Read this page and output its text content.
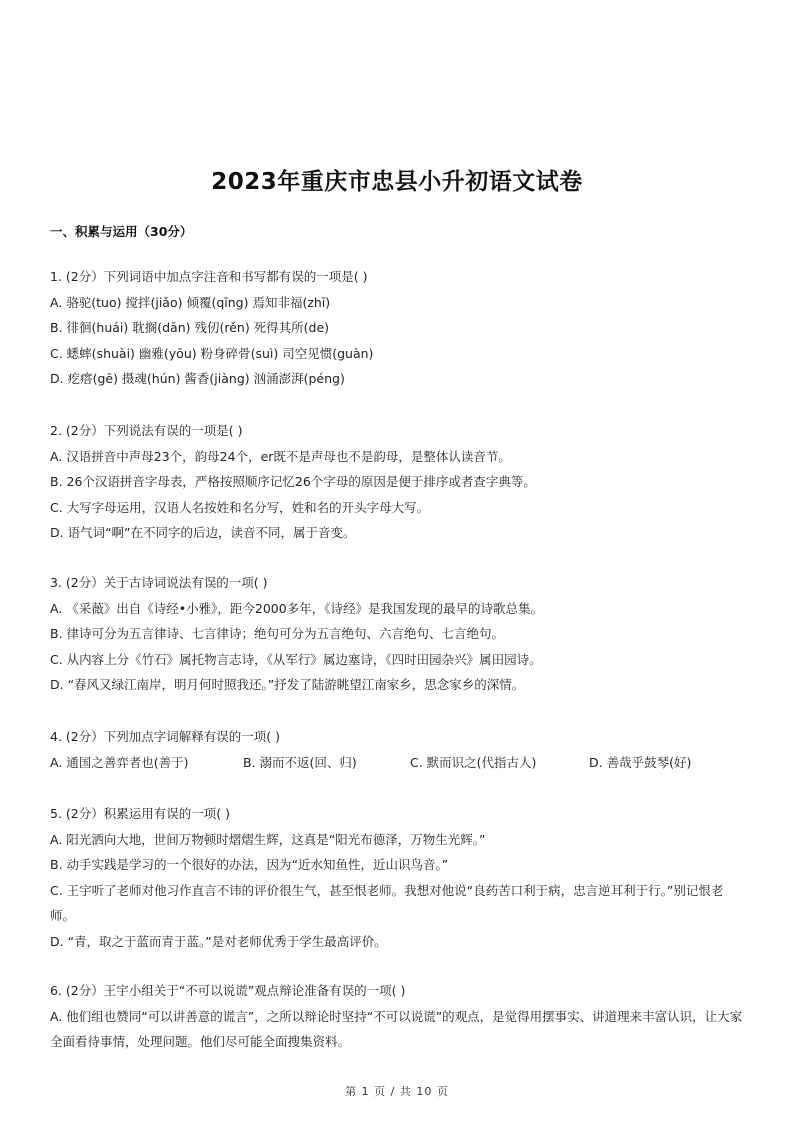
2023年重庆市忠县小升初语文试卷
一、积累与运用（30分）
1. (2分）下列词语中加点字注音和书写都有误的一项是( )
A. 骆驼(tuo) 搅拌(jiǎo) 倾覆(qīng) 焉知非福(zhī)
B. 徘徊(huái) 耽搁(dān) 残仞(rěn) 死得其所(de)
C. 蟋蟀(shuài) 幽雅(yōu) 粉身碎骨(suì) 司空见惯(guàn)
D. 疙瘩(gē) 摄魂(hún) 酱香(jiàng) 汹涌澎湃(péng)
2. (2分）下列说法有误的一项是( )
A. 汉语拼音中声母23个，韵母24个，er既不是声母也不是韵母，是整体认读音节。
B. 26个汉语拼音字母表，严格按照顺序记忆26个字母的原因是便于排序或者查字典等。
C. 大写字母运用，汉语人名按姓和名分写，姓和名的开头字母大写。
D. 语气词“啊”在不同字的后边，读音不同，属于音变。
3. (2分）关于古诗词说法有误的一项( )
A. 《采薇》出自《诗经•小雅》，距今2000多年，《诗经》是我国发现的最早的诗歌总集。
B. 律诗可分为五言律诗、七言律诗；绝句可分为五言绝句、六言绝句、七言绝句。
C. 从内容上分《竹石》属托物言志诗，《从军行》属边塞诗，《四时田园杂兴》属田园诗。
D. “春风又绿江南岸，明月何时照我还。”抒发了陆游眺望江南家乡，思念家乡的深情。
4. (2分）下列加点字词解释有误的一项( )
A. 通国之善弈者也(善于)	B. 溺而不返(回、归)	C. 默而识之(代指古人)	D. 善哉乎鼓琴(好)
5. (2分）积累运用有误的一项( )
A. 阳光洒向大地，世间万物顿时熠熠生辉，这真是“阳光布德泽，万物生光辉。”
B. 动手实践是学习的一个很好的办法，因为“近水知鱼性，近山识鸟音。”
C. 王宇听了老师对他习作直言不讳的评价很生气，甚至恨老师。我想对他说“良药苦口利于病，忠言逆耳利于行。”别记恨老师。
D. “青，取之于蓝而青于蓝。”是对老师优秀于学生最高评价。
6. (2分）王宇小组关于“不可以说谎”观点辩论准备有误的一项( )
A. 他们组也赞同“可以讲善意的谎言”，之所以辩论时坚持“不可以说谎”的观点，是觉得用摆事实、讲道理来丰富认识，让大家全面看待事情，处理问题。他们尽可能全面搜集资料。
第 1 页 / 共 10 页
